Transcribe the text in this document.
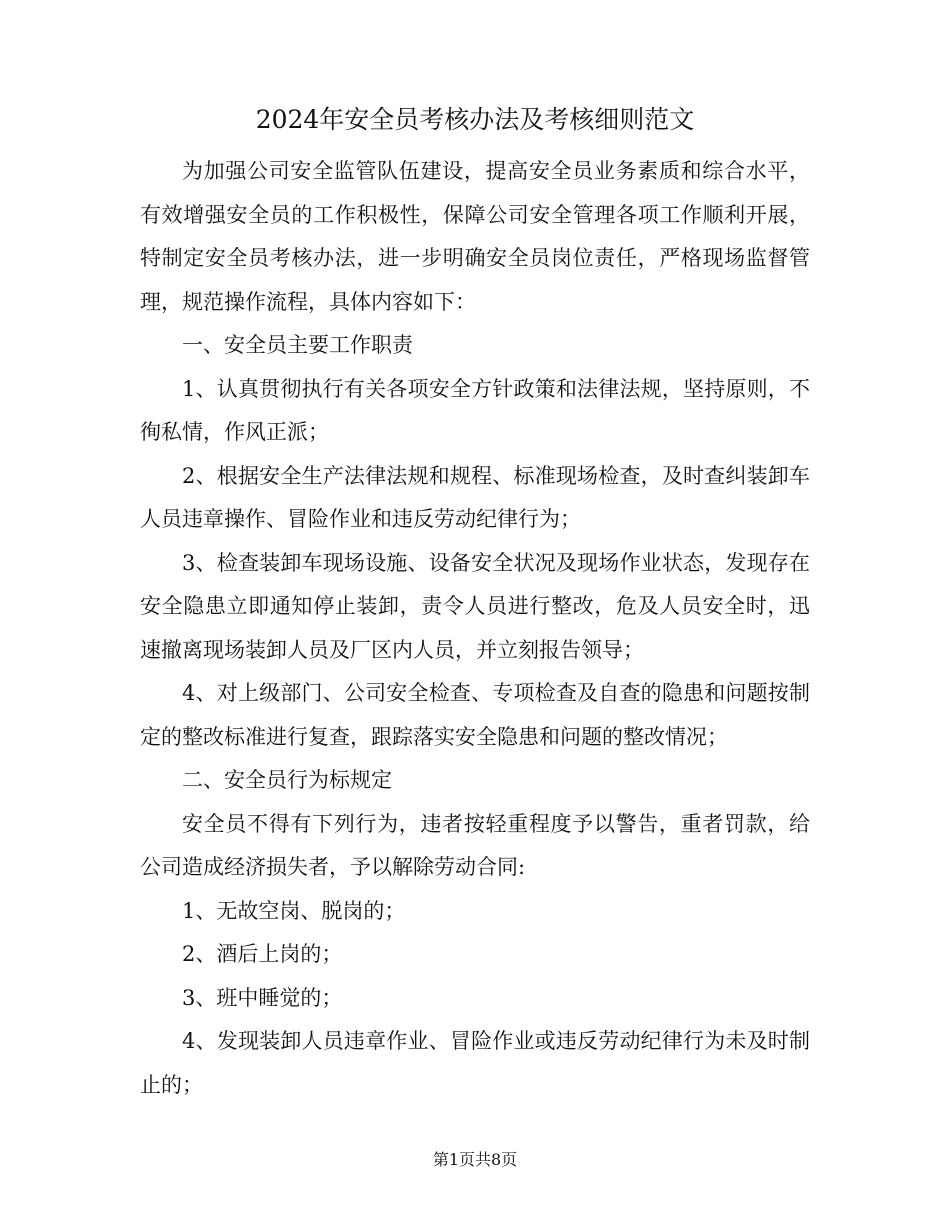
2024年安全员考核办法及考核细则范文

为加强公司安全监管队伍建设，提高安全员业务素质和综合水平，有效增强安全员的工作积极性，保障公司安全管理各项工作顺利开展，特制定安全员考核办法，进一步明确安全员岗位责任，严格现场监督管理，规范操作流程，具体内容如下：

一、安全员主要工作职责

1、认真贯彻执行有关各项安全方针政策和法律法规，坚持原则，不徇私情，作风正派；

2、根据安全生产法律法规和规程、标准现场检查，及时查纠装卸车人员违章操作、冒险作业和违反劳动纪律行为；

3、检查装卸车现场设施、设备安全状况及现场作业状态，发现存在安全隐患立即通知停止装卸，责令人员进行整改，危及人员安全时，迅速撤离现场装卸人员及厂区内人员，并立刻报告领导；

4、对上级部门、公司安全检查、专项检查及自查的隐患和问题按制定的整改标准进行复查，跟踪落实安全隐患和问题的整改情况；

二、安全员行为标规定

安全员不得有下列行为，违者按轻重程度予以警告，重者罚款，给公司造成经济损失者，予以解除劳动合同:

1、无故空岗、脱岗的；

2、酒后上岗的；

3、班中睡觉的；

4、发现装卸人员违章作业、冒险作业或违反劳动纪律行为未及时制止的；

第1页共8页
